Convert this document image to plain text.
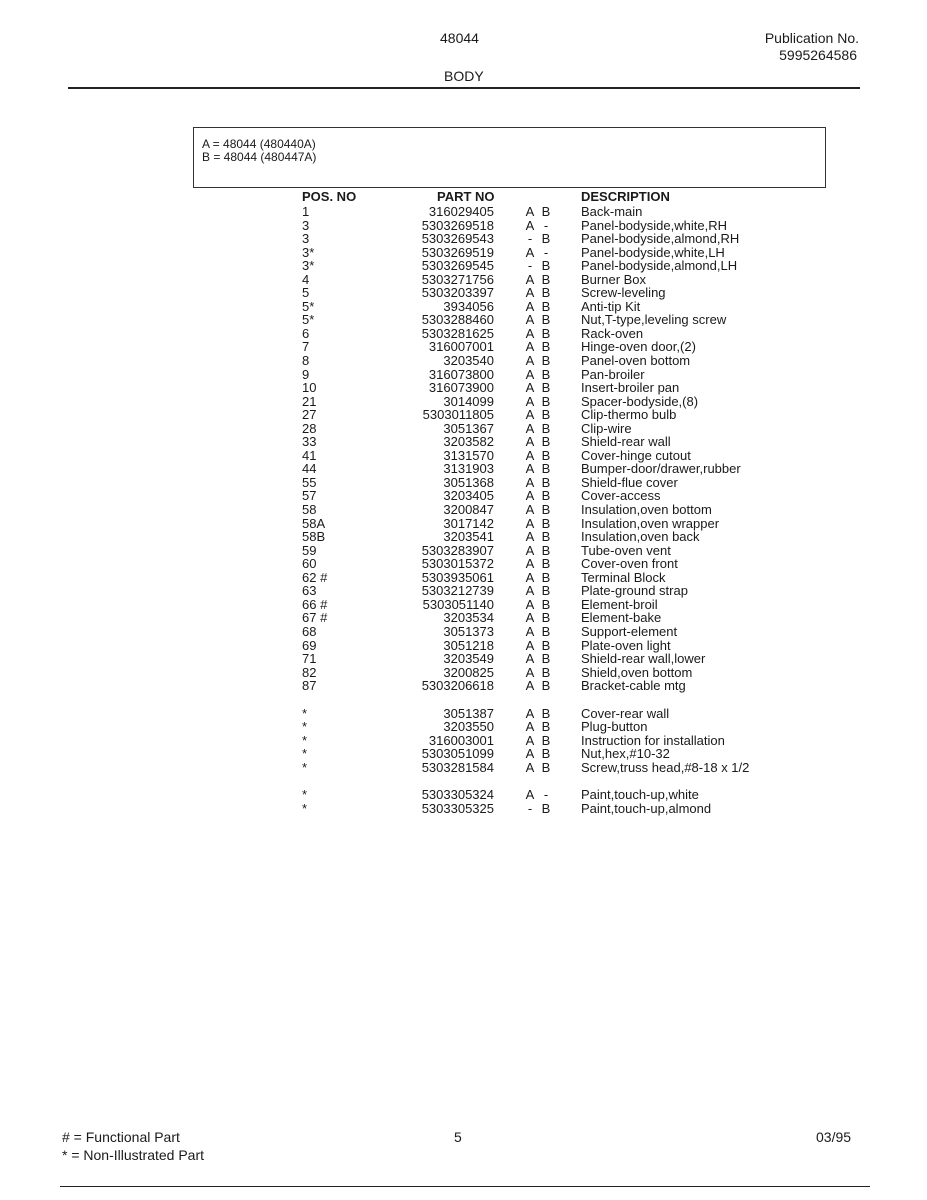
48044
BODY
Publication No.
5995264586
A = 48044 (480440A)
B = 48044 (480447A)
POS. NO	PART NO	DESCRIPTION
1	316029405 A B Back-main
3	5303269518 A -	Panel-bodyside,white,RH
3	5303269543	- B Panel-bodyside,almond,RH
3*	5303269519 A -	Panel-bodyside,white,LH
3*	5303269545	- B Panel-bodyside,almond,LH
4	5303271756 A B Burner Box
5	5303203397 A B Screw-leveling
5*	3934056 A B Anti-tip Kit
5*	5303288460 A B Nut,T-type,leveling screw
6	5303281625 A B Rack-oven
7	316007001 A B Hinge-oven door,(2)
8	3203540 A B Panel-oven bottom
9	316073800 A B Pan-broiler
10	316073900 A B Insert-broiler pan
21	3014099 A B Spacer-bodyside,(8)
27	5303011805 A B Clip-thermo bulb
28	3051367 A B Clip-wire
33	3203582 A B Shield-rear wall
41	3131570 A B Cover-hinge cutout
44	3131903 A B Bumper-door/drawer,rubber
55	3051368 A B Shield-flue cover
57	3203405 A B Cover-access
58	3200847 A B Insulation,oven bottom
58A	3017142 A B Insulation,oven wrapper
58B	3203541 A B Insulation,oven back
59	5303283907 A B Tube-oven vent
60	5303015372 A B Cover-oven front
62 #	5303935061 A B Terminal Block
63	5303212739 A B Plate-ground strap
66 #	5303051140 A B Element-broil
67 #	3203534 A B Element-bake
68	3051373 A B Support-element
69	3051218 A B Plate-oven light
71	3203549 A B Shield-rear wall,lower
82	3200825 A B Shield,oven bottom
87	5303206618 A B Bracket-cable mtg
*	3051387 A B Cover-rear wall
*	3203550 A B Plug-button
*	316003001 A B Instruction for installation
*	5303051099 A B Nut,hex,#10-32
*	5303281584 A B Screw,truss head,#8-18 x 1/2
*	5303305324 A -	Paint,touch-up,white
*	5303305325	- B Paint,touch-up,almond
# = Functional Part
* = Non-Illustrated Part
5	03/95
